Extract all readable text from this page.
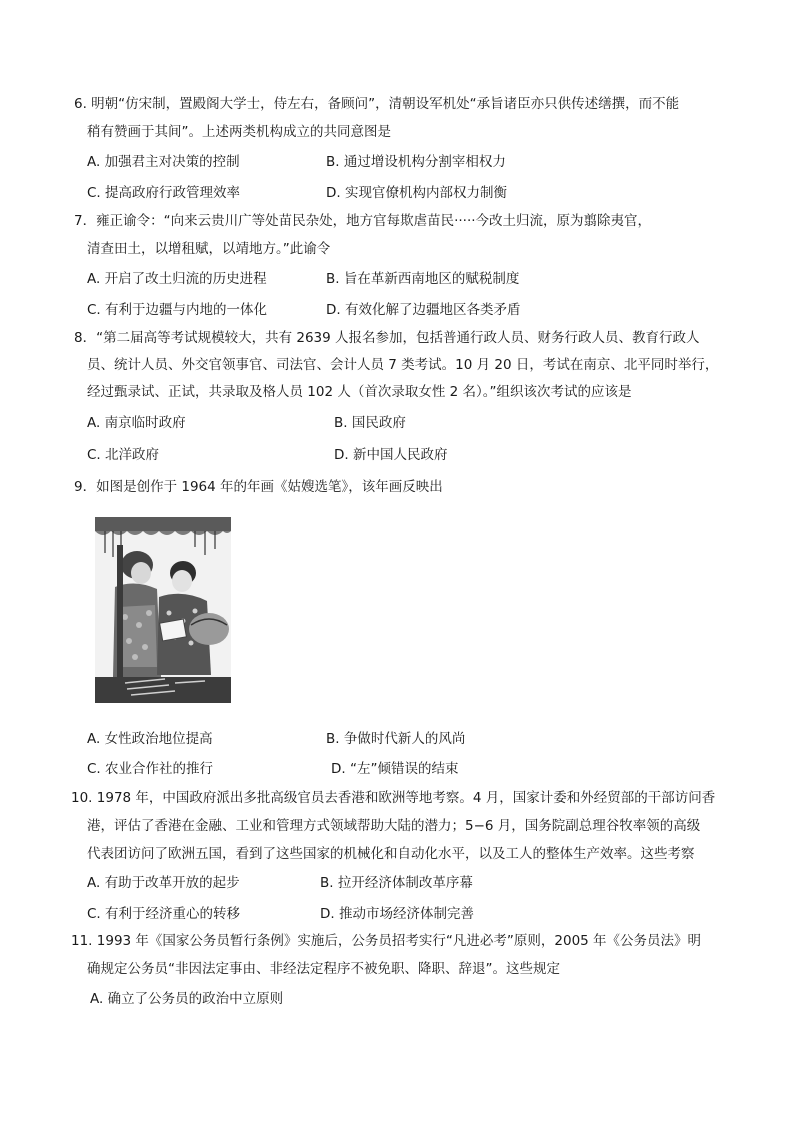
6. 明朝“仿宋制，置殿阁大学士，侍左右，备顾问”，清朝设军机处“承旨诸臣亦只供传述缮撰，而不能
稍有赞画于其间”。上述两类机构成立的共同意图是
A. 加强君主对决策的控制	B. 通过增设机构分割宰相权力
C. 提高政府行政管理效率	D. 实现官僚机构内部权力制衡
7．雍正谕令：“向来云贵川广等处苗民杂处，地方官每欺虐苗民·····今改土归流，原为翦除夷官，
清查田土，以增租赋，以靖地方。”此谕令
A. 开启了改土归流的历史进程	B. 旨在革新西南地区的赋税制度
C. 有利于边疆与内地的一体化	D. 有效化解了边疆地区各类矛盾
8．“第二届高等考试规模较大，共有 2639 人报名参加，包括普通行政人员、财务行政人员、教育行政人
员、统计人员、外交官领事官、司法官、会计人员 7 类考试。10 月 20 日，考试在南京、北平同时举行，
经过甄录试、正试，共录取及格人员 102 人（首次录取女性 2 名）。”组织该次考试的应该是
A. 南京临时政府	B. 国民政府
C. 北洋政府	D. 新中国人民政府
9．如图是创作于 1964 年的年画《姑嫂选笔》，该年画反映出
A. 女性政治地位提高	B. 争做时代新人的风尚
C. 农业合作社的推行	D. “左”倾错误的结束
10. 1978 年，中国政府派出多批高级官员去香港和欧洲等地考察。4 月，国家计委和外经贸部的干部访问香
港，评估了香港在金融、工业和管理方式领域帮助大陆的潜力；5−6 月，国务院副总理谷牧率领的高级
代表团访问了欧洲五国，看到了这些国家的机械化和自动化水平，以及工人的整体生产效率。这些考察
A. 有助于改革开放的起步	B. 拉开经济体制改革序幕
C. 有利于经济重心的转移	D. 推动市场经济体制完善
11. 1993 年《国家公务员暂行条例》实施后，公务员招考实行“凡进必考”原则，2005 年《公务员法》明
确规定公务员“非因法定事由、非经法定程序不被免职、降职、辞退”。这些规定
A. 确立了公务员的政治中立原则
